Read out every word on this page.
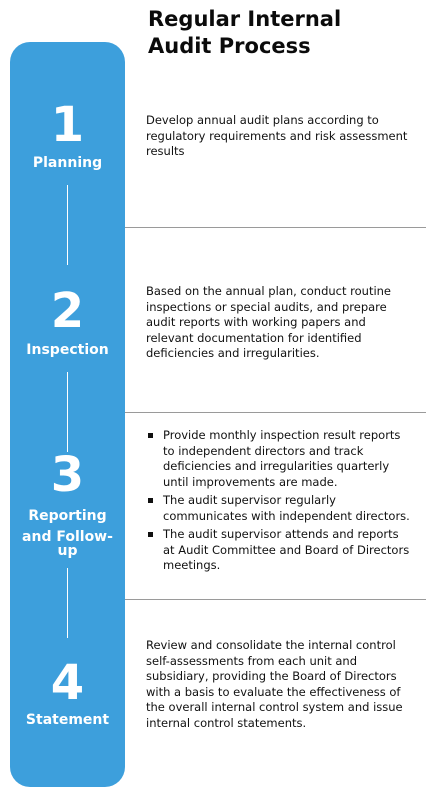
Regular Internal
Audit Process
1
Planning
Develop annual audit plans according to regulatory requirements and risk assessment results
2
Inspection
Based on the annual plan, conduct routine inspections or special audits, and prepare audit reports with working papers and relevant documentation for identified deficiencies and irregularities.
3
Reporting
and Follow-
up
Provide monthly inspection result reports to independent directors and track deficiencies and irregularities quarterly until improvements are made.
The audit supervisor regularly communicates with independent directors.
The audit supervisor attends and reports at Audit Committee and Board of Directors meetings.
4
Statement
Review and consolidate the internal control self-assessments from each unit and subsidiary, providing the Board of Directors with a basis to evaluate the effectiveness of the overall internal control system and issue internal control statements.
